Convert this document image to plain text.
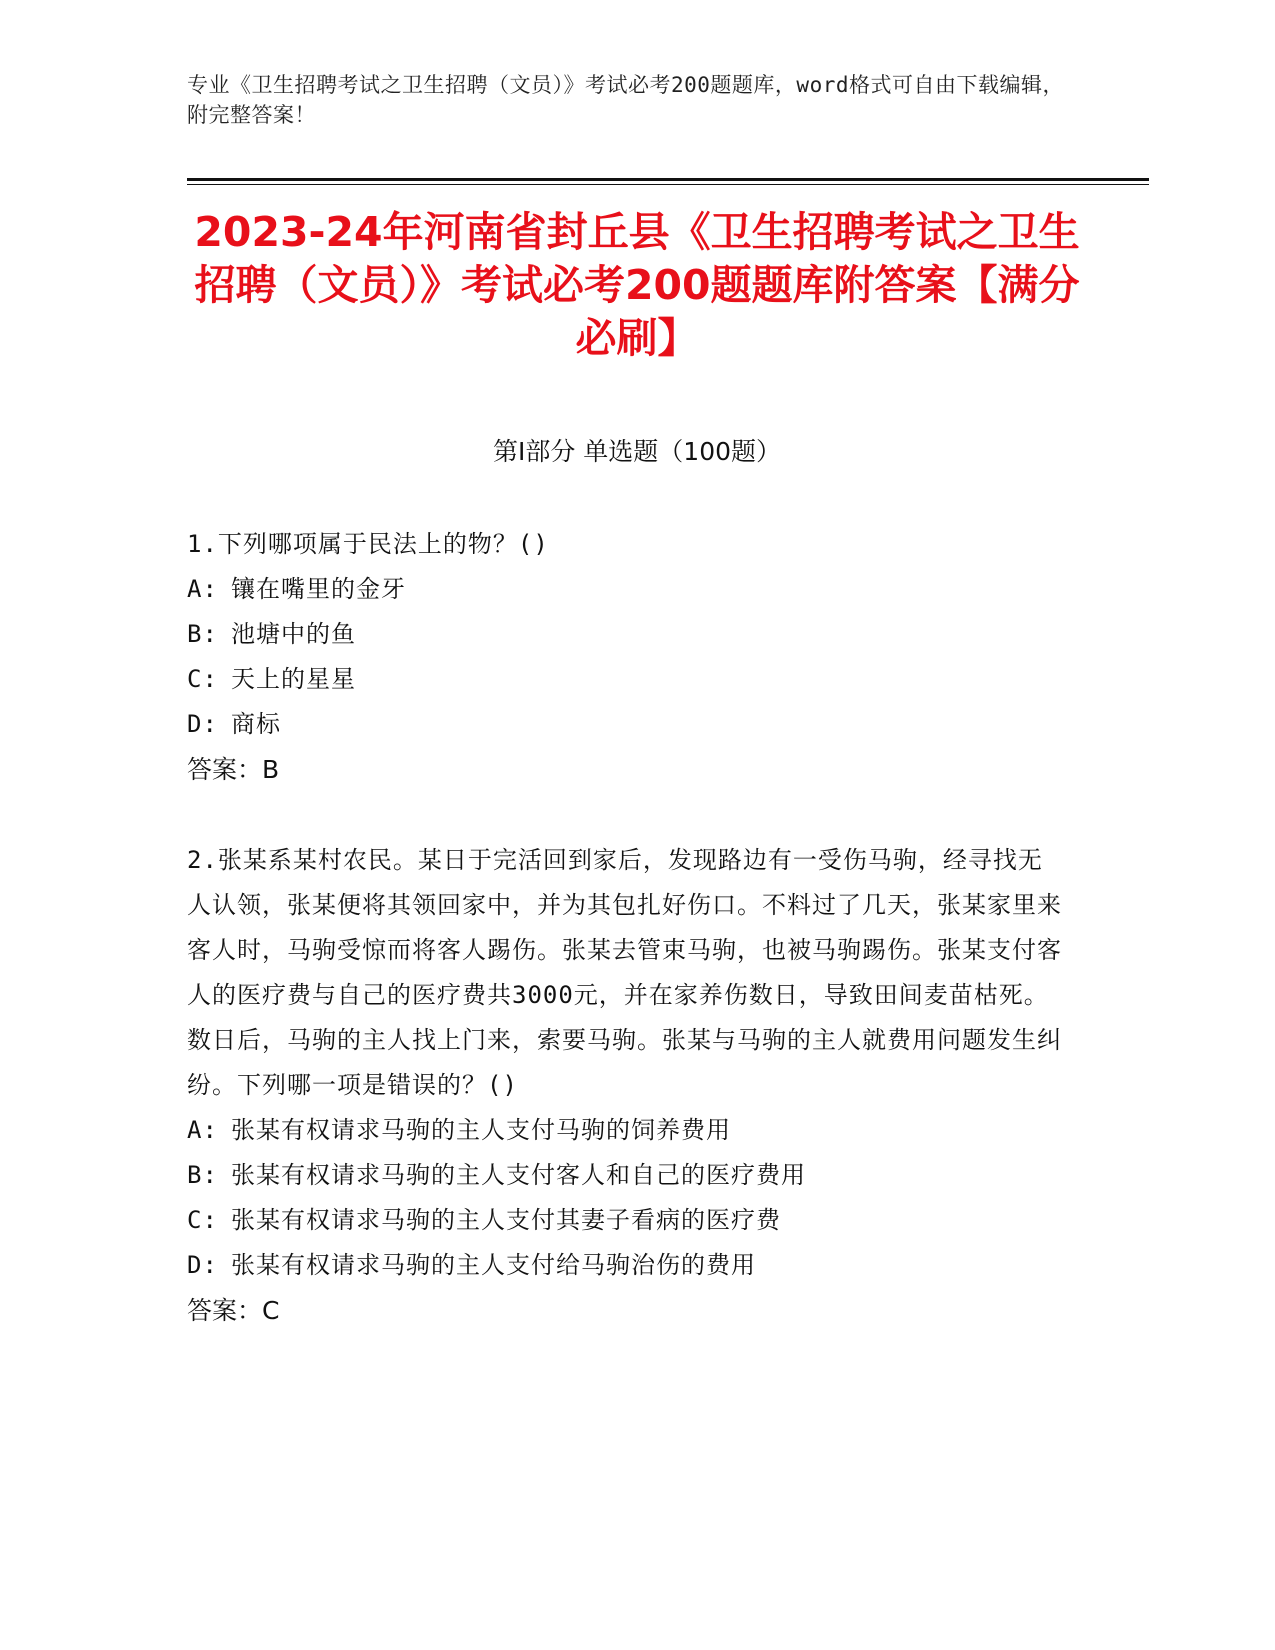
专业《卫生招聘考试之卫生招聘（文员）》考试必考200题题库，word格式可自由下载编辑，附完整答案！
2023-24年河南省封丘县《卫生招聘考试之卫生招聘（文员）》考试必考200题题库附答案【满分必刷】
第I部分 单选题（100题）

1.下列哪项属于民法上的物？()

A: 镶在嘴里的金牙

B: 池塘中的鱼

C: 天上的星星

D: 商标

答案：B

2.张某系某村农民。某日于完活回到家后，发现路边有一受伤马驹，经寻找无人认领，张某便将其领回家中，并为其包扎好伤口。不料过了几天，张某家里来客人时，马驹受惊而将客人踢伤。张某去管束马驹，也被马驹踢伤。张某支付客人的医疗费与自己的医疗费共3000元，并在家养伤数日，导致田间麦苗枯死。数日后，马驹的主人找上门来，索要马驹。张某与马驹的主人就费用问题发生纠纷。下列哪一项是错误的？()

A: 张某有权请求马驹的主人支付马驹的饲养费用

B: 张某有权请求马驹的主人支付客人和自己的医疗费用

C: 张某有权请求马驹的主人支付其妻子看病的医疗费

D: 张某有权请求马驹的主人支付给马驹治伤的费用

答案：C
